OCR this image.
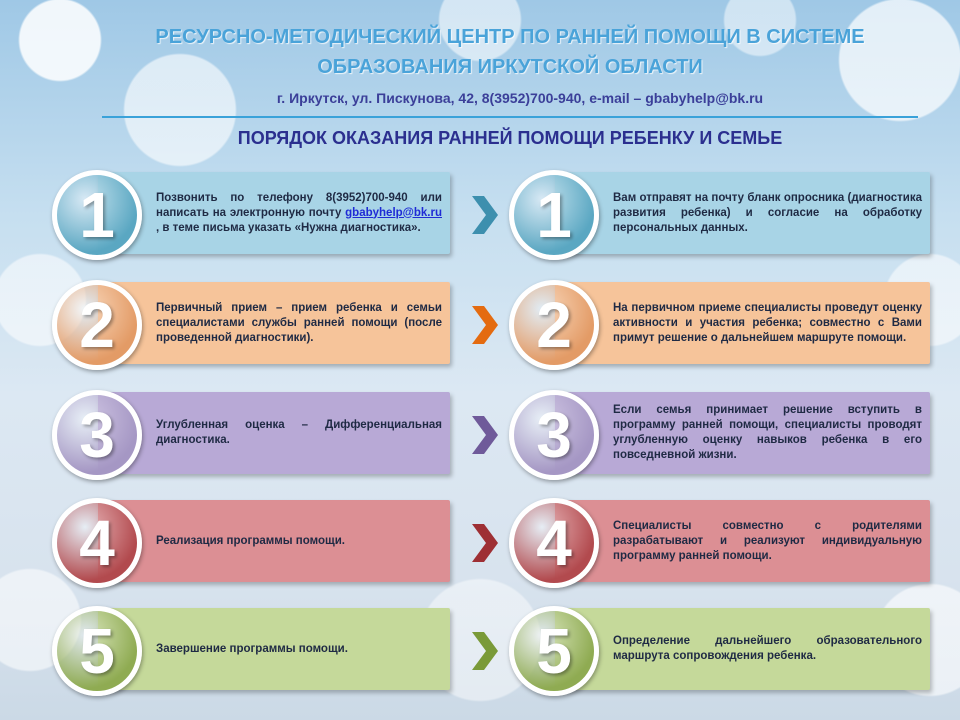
РЕСУРСНО-МЕТОДИЧЕСКИЙ ЦЕНТР ПО РАННЕЙ ПОМОЩИ В СИСТЕМЕ
ОБРАЗОВАНИЯ ИРКУТСКОЙ ОБЛАСТИ
г. Иркутск, ул. Пискунова, 42, 8(3952)700-940, e-mail – gbabyhelp@bk.ru
ПОРЯДОК ОКАЗАНИЯ РАННЕЙ ПОМОЩИ РЕБЕНКУ И СЕМЬЕ
Позвонить по телефону 8(3952)700-940 или написать на электронную почту gbabyhelp@bk.ru , в теме письма указать «Нужна диагностика».
1	Вам отправят на почту бланк опросника (диагностика развития ребенка) и согласие на обработку персональных данных.
1
Первичный прием – прием ребенка и семьи специалистами службы ранней помощи (после проведенной диагностики).
2	На первичном приеме специалисты проведут оценку активности и участия ребенка; совместно с Вами примут решение о дальнейшем маршруте помощи.
2
Углубленная оценка – Дифференциальная диагностика.
3	Если семья принимает решение вступить в программу ранней помощи, специалисты проводят углубленную оценку навыков ребенка в его повседневной жизни.
3
Реализация программы помощи.
4	Специалисты совместно с родителями разрабатывают и реализуют индивидуальную программу ранней помощи.
4
Завершение программы помощи.
5	Определение дальнейшего образовательного маршрута сопровождения ребенка.
5
